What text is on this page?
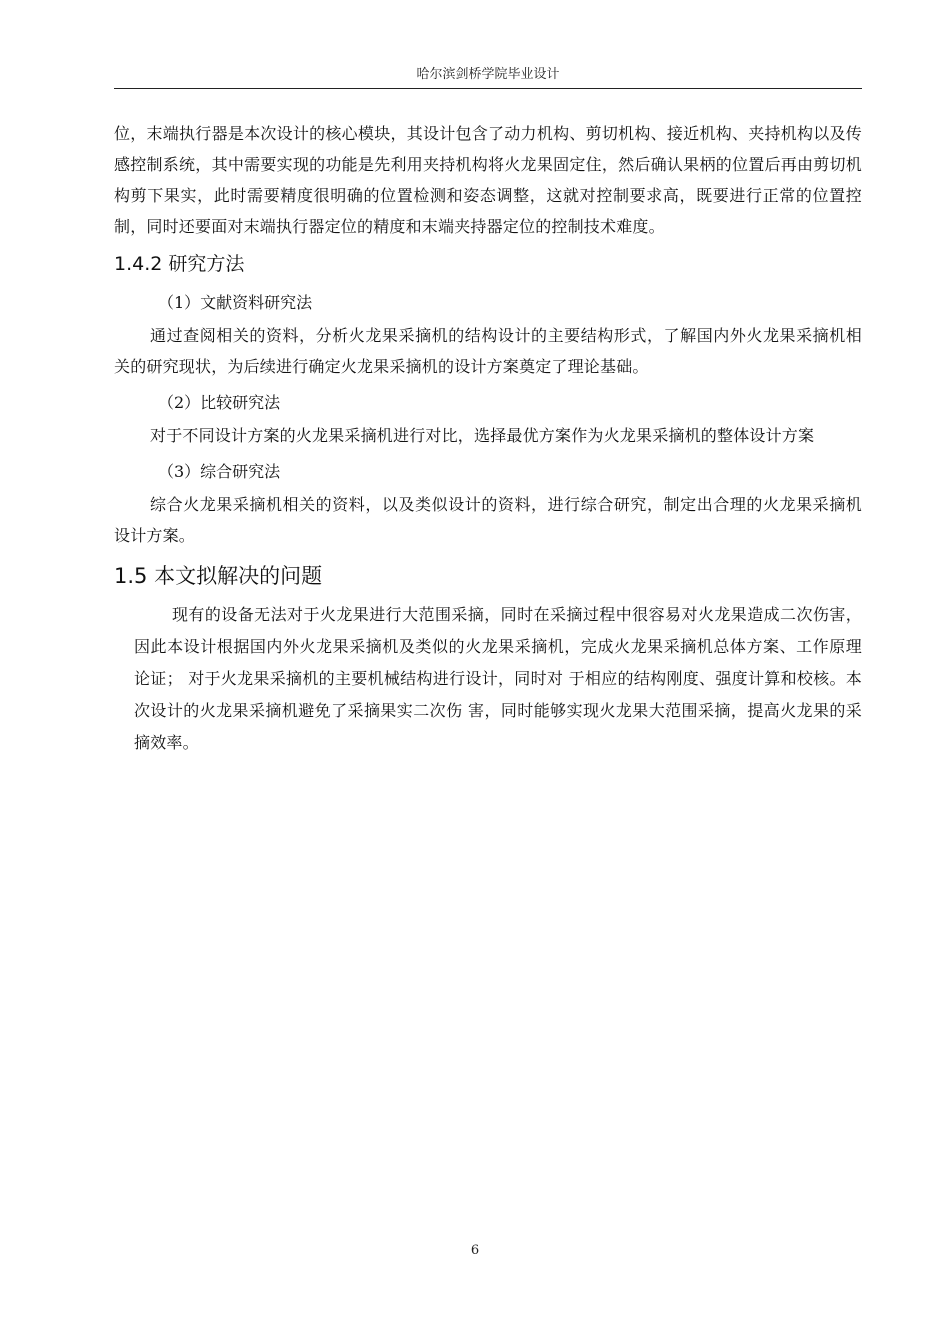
哈尔滨剑桥学院毕业设计

位，末端执行器是本次设计的核心模块，其设计包含了动力机构、剪切机构、接近机构、夹持机构以及传感控制系统，其中需要实现的功能是先利用夹持机构将火龙果固定住，然后确认果柄的位置后再由剪切机构剪下果实，此时需要精度很明确的位置检测和姿态调整，这就对控制要求高，既要进行正常的位置控制，同时还要面对末端执行器定位的精度和末端夹持器定位的控制技术难度。

1.4.2 研究方法
（1）文献资料研究法

通过查阅相关的资料，分析火龙果采摘机的结构设计的主要结构形式，了解国内外火龙果采摘机相关的研究现状，为后续进行确定火龙果采摘机的设计方案奠定了理论基础。

（2）比较研究法

对于不同设计方案的火龙果采摘机进行对比，选择最优方案作为火龙果采摘机的整体设计方案

（3）综合研究法

综合火龙果采摘机相关的资料，以及类似设计的资料，进行综合研究，制定出合理的火龙果采摘机设计方案。

1.5 本文拟解决的问题

现有的设备无法对于火龙果进行大范围采摘，同时在采摘过程中很容易对火龙果造成二次伤害，因此本设计根据国内外火龙果采摘机及类似的火龙果采摘机，完成火龙果采摘机总体方案、工作原理论证； 对于火龙果采摘机的主要机械结构进行设计，同时对 于相应的结构刚度、强度计算和校核。本次设计的火龙果采摘机避免了采摘果实二次伤 害，同时能够实现火龙果大范围采摘，提高火龙果的采摘效率。

6
